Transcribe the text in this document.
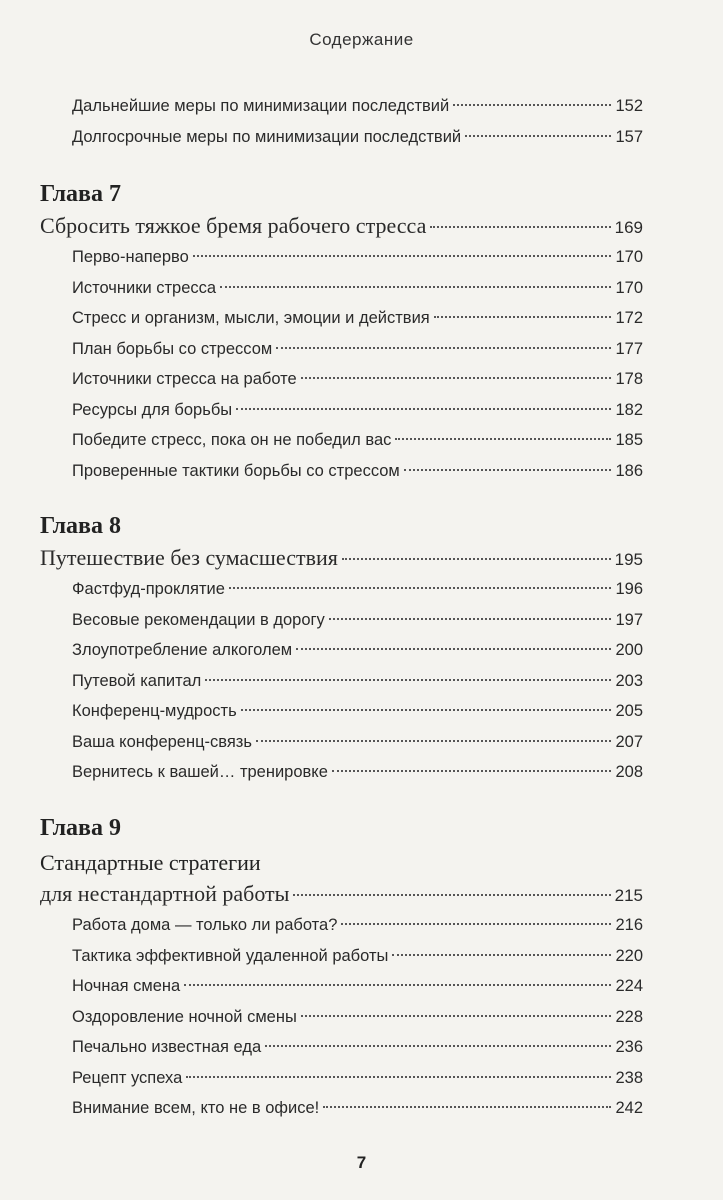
Содержание
Дальнейшие меры по минимизации последствий	152
Долгосрочные меры по минимизации последствий	157
Глава 7
Сбросить тяжкое бремя рабочего стресса	169
Перво-наперво	170
Источники стресса	170
Стресс и организм, мысли, эмоции и действия	172
План борьбы со стрессом	177
Источники стресса на работе	178
Ресурсы для борьбы	182
Победите стресс, пока он не победил вас	185
Проверенные тактики борьбы со стрессом	186
Глава 8
Путешествие без сумасшествия	195
Фастфуд-проклятие	196
Весовые рекомендации в дорогу	197
Злоупотребление алкоголем	200
Путевой капитал	203
Конференц-мудрость	205
Ваша конференц-связь	207
Вернитесь к вашей… тренировке	208
Глава 9
Стандартные стратегии
для нестандартной работы	215
Работа дома — только ли работа?	216
Тактика эффективной удаленной работы	220
Ночная смена	224
Оздоровление ночной смены	228
Печально известная еда	236
Рецепт успеха	238
Внимание всем, кто не в офисе!	242
7
